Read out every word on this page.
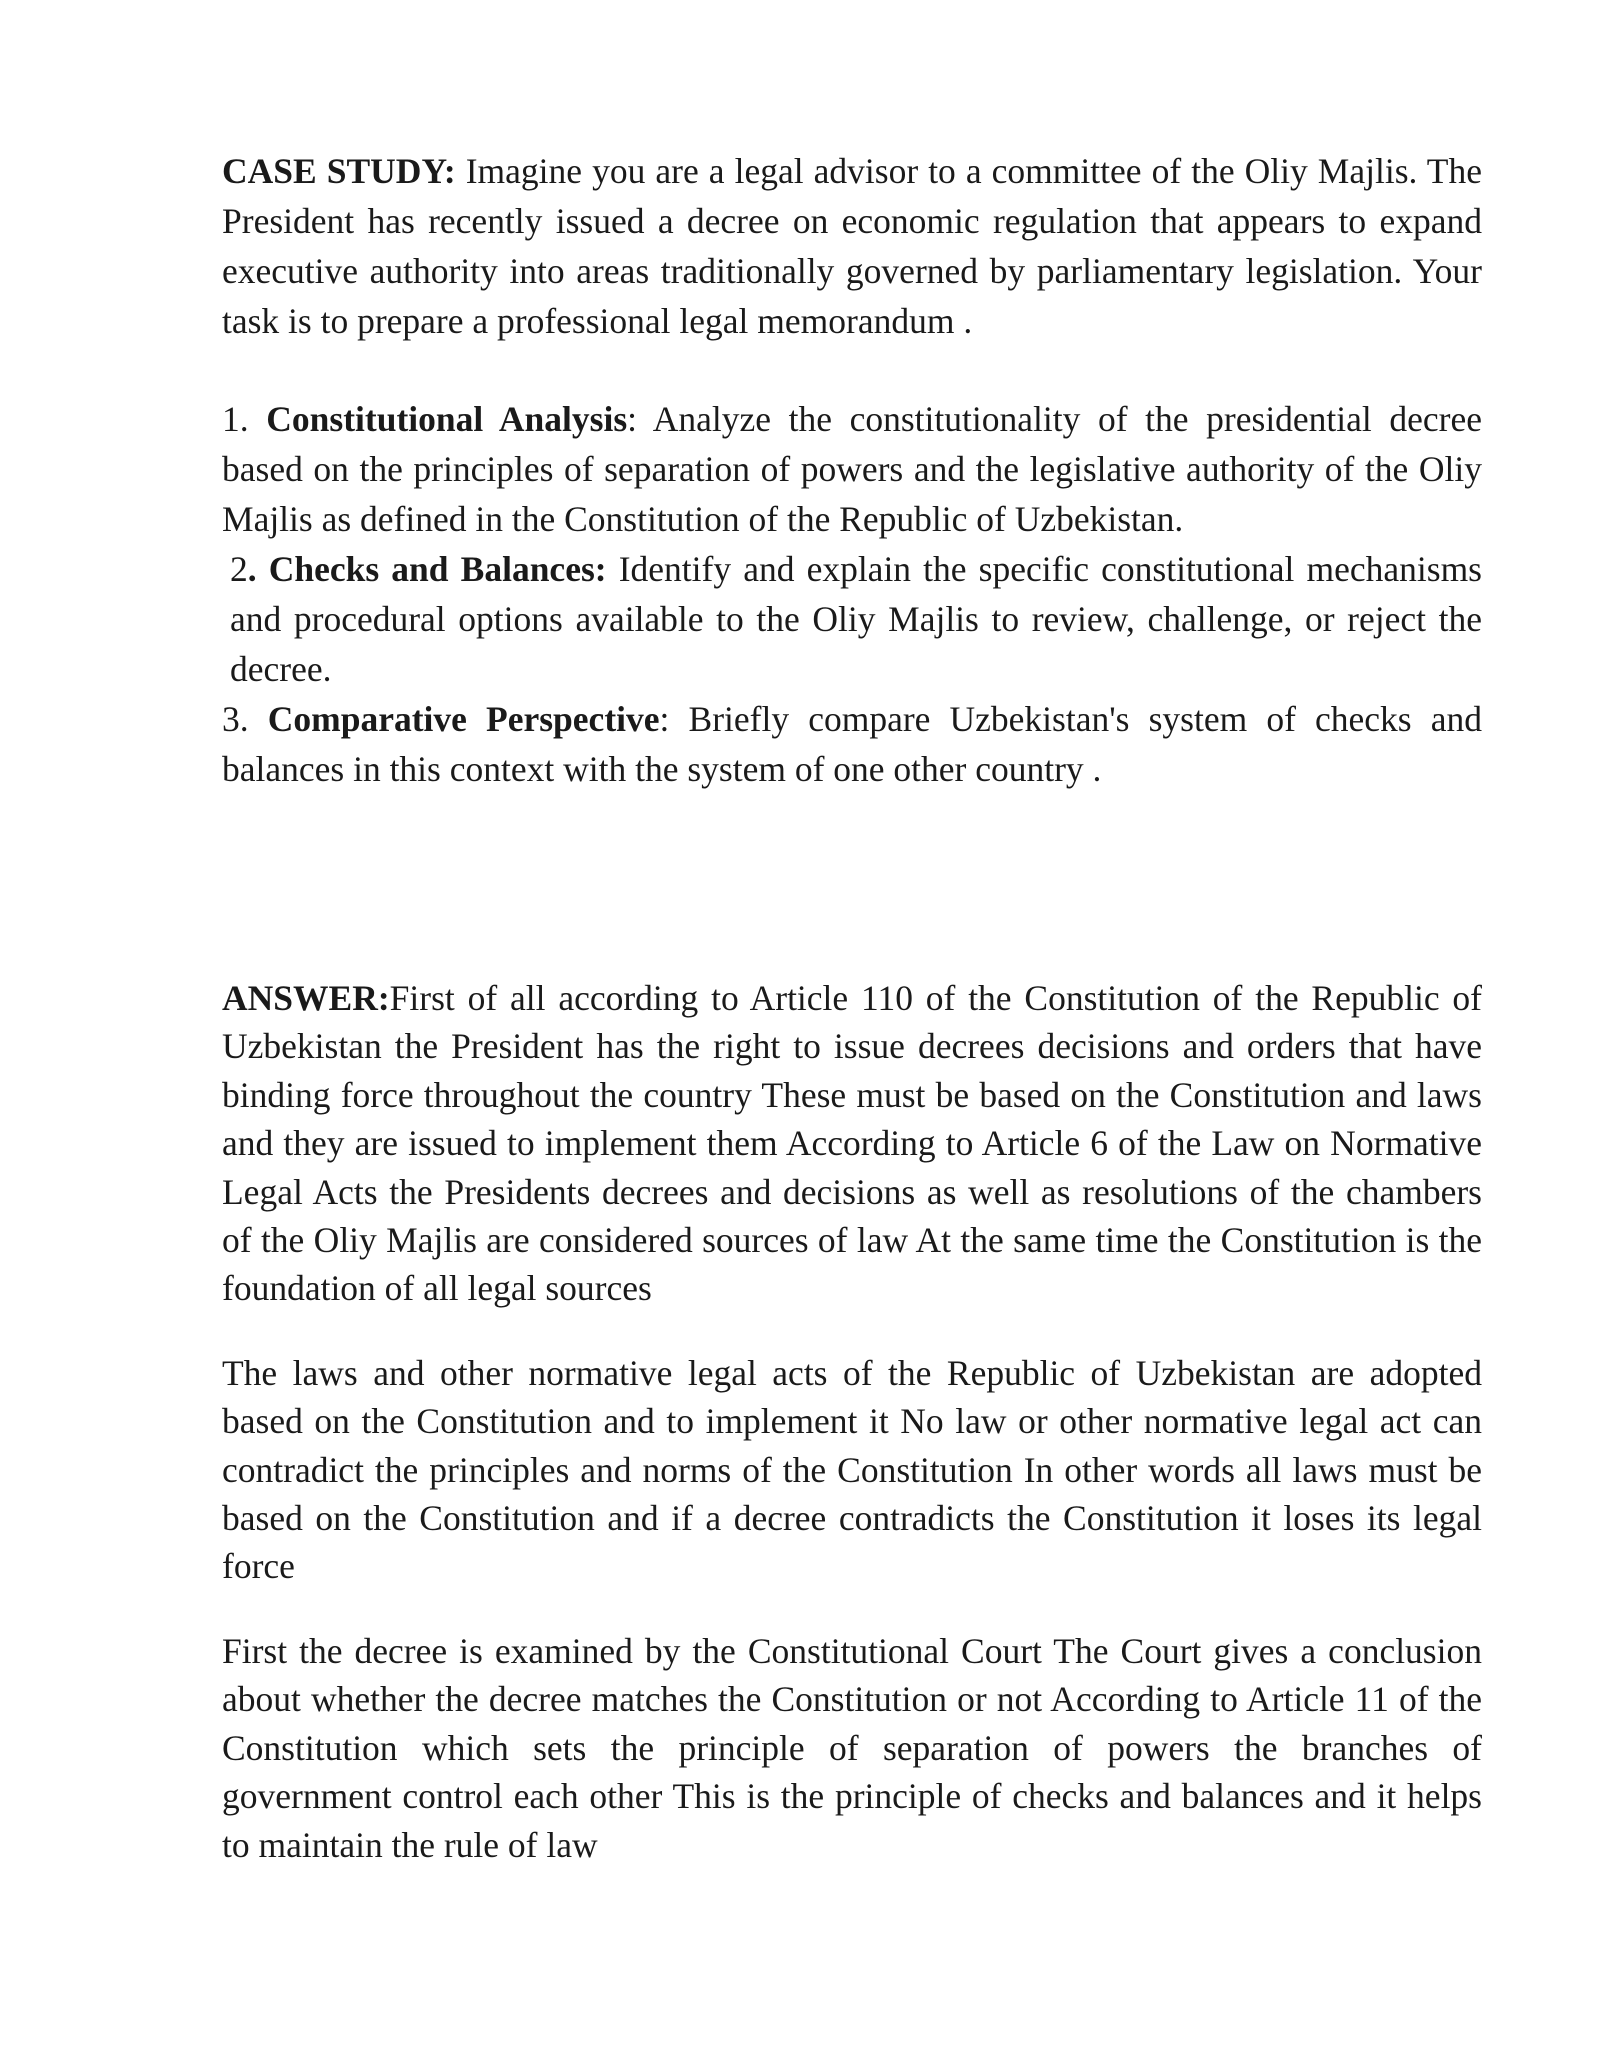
CASE STUDY: Imagine you are a legal advisor to a committee of the Oliy Majlis. The President has recently issued a decree on economic regulation that appears to expand executive authority into areas traditionally governed by parliamentary legislation. Your task is to prepare a professional legal memorandum .

1. Constitutional Analysis: Analyze the constitutionality of the presidential decree based on the principles of separation of powers and the legislative authority of the Oliy Majlis as defined in the Constitution of the Republic of Uzbekistan.

2. Checks and Balances: Identify and explain the specific constitutional mechanisms and procedural options available to the Oliy Majlis to review, challenge, or reject the decree.

3. Comparative Perspective: Briefly compare Uzbekistan's system of checks and balances in this context with the system of one other country .

ANSWER:First of all according to Article 110 of the Constitution of the Republic of Uzbekistan the President has the right to issue decrees decisions and orders that have binding force throughout the country These must be based on the Constitution and laws and they are issued to implement them According to Article 6 of the Law on Normative Legal Acts the Presidents decrees and decisions as well as resolutions of the chambers of the Oliy Majlis are considered sources of law At the same time the Constitution is the foundation of all legal sources

The laws and other normative legal acts of the Republic of Uzbekistan are adopted based on the Constitution and to implement it No law or other normative legal act can contradict the principles and norms of the Constitution In other words all laws must be based on the Constitution and if a decree contradicts the Constitution it loses its legal force

First the decree is examined by the Constitutional Court The Court gives a conclusion about whether the decree matches the Constitution or not According to Article 11 of the Constitution which sets the principle of separation of powers the branches of government control each other This is the principle of checks and balances and it helps to maintain the rule of law
